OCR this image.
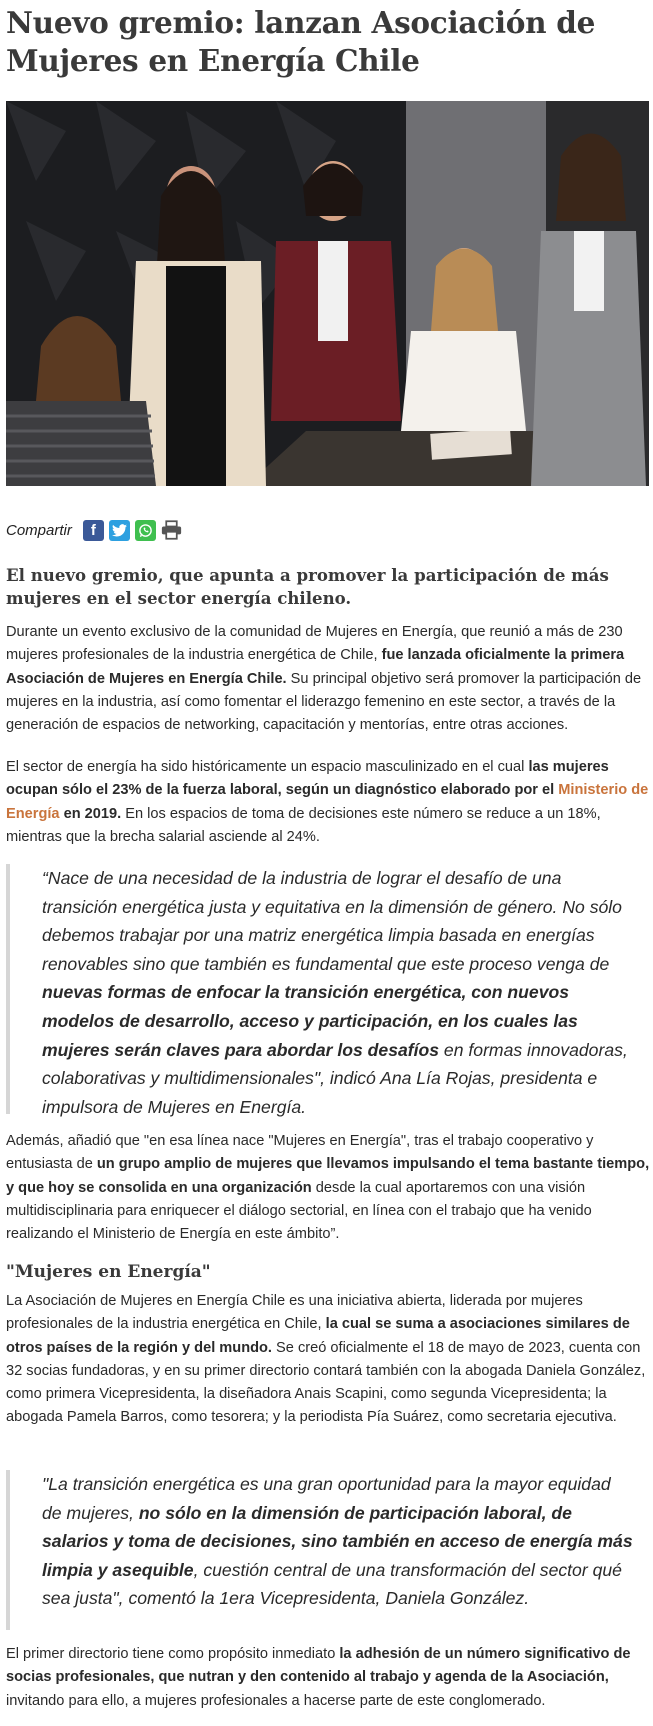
Nuevo gremio: lanzan Asociación de
Mujeres en Energía Chile
Compartir	f
El nuevo gremio, que apunta a promover la participación de más mujeres en el sector energía chileno.

Durante un evento exclusivo de la comunidad de Mujeres en Energía, que reunió a más de 230 mujeres profesionales de la industria energética de Chile, fue lanzada oficialmente la primera Asociación de Mujeres en Energía Chile. Su principal objetivo será promover la participación de mujeres en la industria, así como fomentar el liderazgo femenino en este sector, a través de la generación de espacios de networking, capacitación y mentorías, entre otras acciones.

El sector de energía ha sido históricamente un espacio masculinizado en el cual las mujeres ocupan sólo el 23% de la fuerza laboral, según un diagnóstico elaborado por el Ministerio de Energía en 2019. En los espacios de toma de decisiones este número se reduce a un 18%, mientras que la brecha salarial asciende al 24%.

“Nace de una necesidad de la industria de lograr el desafío de una transición energética justa y equitativa en la dimensión de género. No sólo debemos trabajar por una matriz energética limpia basada en energías renovables sino que también es fundamental que este proceso venga de nuevas formas de enfocar la transición energética, con nuevos modelos de desarrollo, acceso y participación, en los cuales las mujeres serán claves para abordar los desafíos en formas innovadoras, colaborativas y multidimensionales", indicó Ana Lía Rojas, presidenta e impulsora de Mujeres en Energía.

Además, añadió que "en esa línea nace "Mujeres en Energía", tras el trabajo cooperativo y entusiasta de un grupo amplio de mujeres que llevamos impulsando el tema bastante tiempo, y que hoy se consolida en una organización desde la cual aportaremos con una visión multidisciplinaria para enriquecer el diálogo sectorial, en línea con el trabajo que ha venido realizando el Ministerio de Energía en este ámbito”.

"Mujeres en Energía"

La Asociación de Mujeres en Energía Chile es una iniciativa abierta, liderada por mujeres profesionales de la industria energética en Chile, la cual se suma a asociaciones similares de otros países de la región y del mundo. Se creó oficialmente el 18 de mayo de 2023, cuenta con 32 socias fundadoras, y en su primer directorio contará también con la abogada Daniela González, como primera Vicepresidenta, la diseñadora Anais Scapini, como segunda Vicepresidenta; la abogada Pamela Barros, como tesorera; y la periodista Pía Suárez, como secretaria ejecutiva.

"La transición energética es una gran oportunidad para la mayor equidad de mujeres, no sólo en la dimensión de participación laboral, de salarios y toma de decisiones, sino también en acceso de energía más limpia y asequible, cuestión central de una transformación del sector qué sea justa", comentó la 1era Vicepresidenta, Daniela González.

El primer directorio tiene como propósito inmediato la adhesión de un número significativo de socias profesionales, que nutran y den contenido al trabajo y agenda de la Asociación, invitando para ello, a mujeres profesionales a hacerse parte de este conglomerado.
